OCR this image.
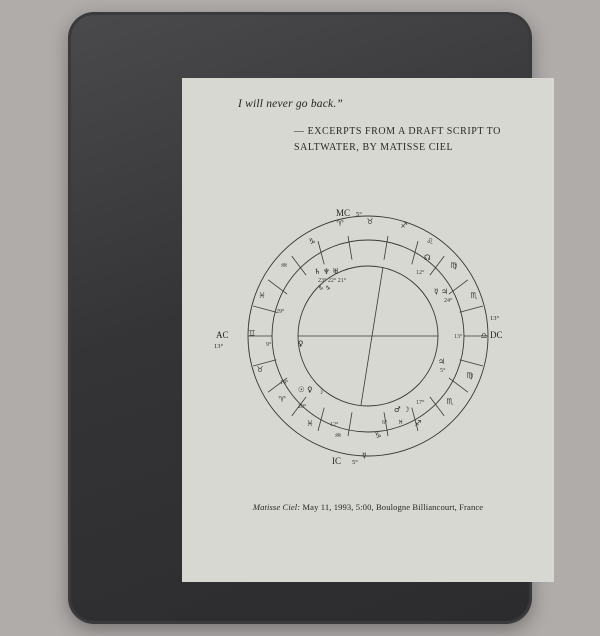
I will never go back.”
— EXCERPTS FROM A DRAFT SCRIPT TO
SALTWATER, BY MATISSE CIEL
♈	♉	♐
♌
♍
♏
♎
♍
♏
♐
♑
♒
♓
♈
♉
♊
♓
♒
♑
MC 5°
AC
13°
DC
13°
IC 5°
29°
9°
14°
20°
12°	6°
17°
5°
13°
24°
12°
23° 22° 21°
♄ ♆ ♅
♑ ♑
☊
☿ ♃
♃
☉ ♀ ☽
♂ ☽
♓
☿
♀
Matisse Ciel: May 11, 1993, 5:00, Boulogne Billiancourt, France
